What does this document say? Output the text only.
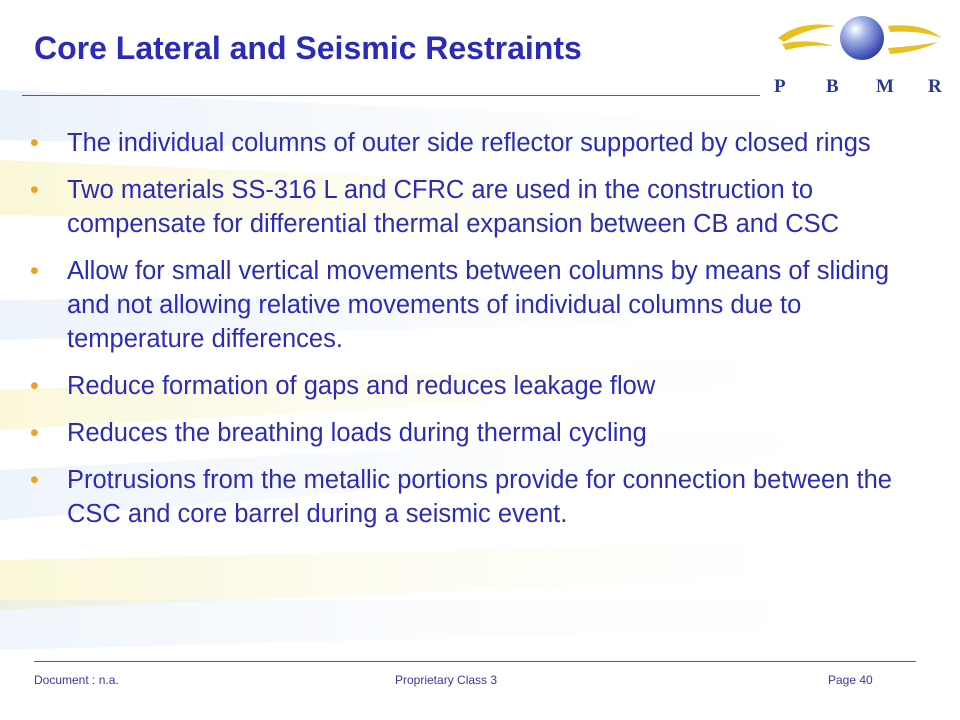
Core Lateral and Seismic Restraints
P B M R
• The individual columns of outer side reflector supported by closed rings
• Two materials SS-316 L and CFRC are used in the construction to compensate for differential thermal expansion between CB and CSC
• Allow for small vertical movements between columns by means of sliding and not allowing relative movements of individual columns due to temperature differences.
• Reduce formation of gaps and reduces leakage flow
• Reduces the breathing loads during thermal cycling
• Protrusions from the metallic portions provide for connection between the CSC and core barrel during a seismic event.
Document : n.a.	Proprietary Class 3	Page 40
